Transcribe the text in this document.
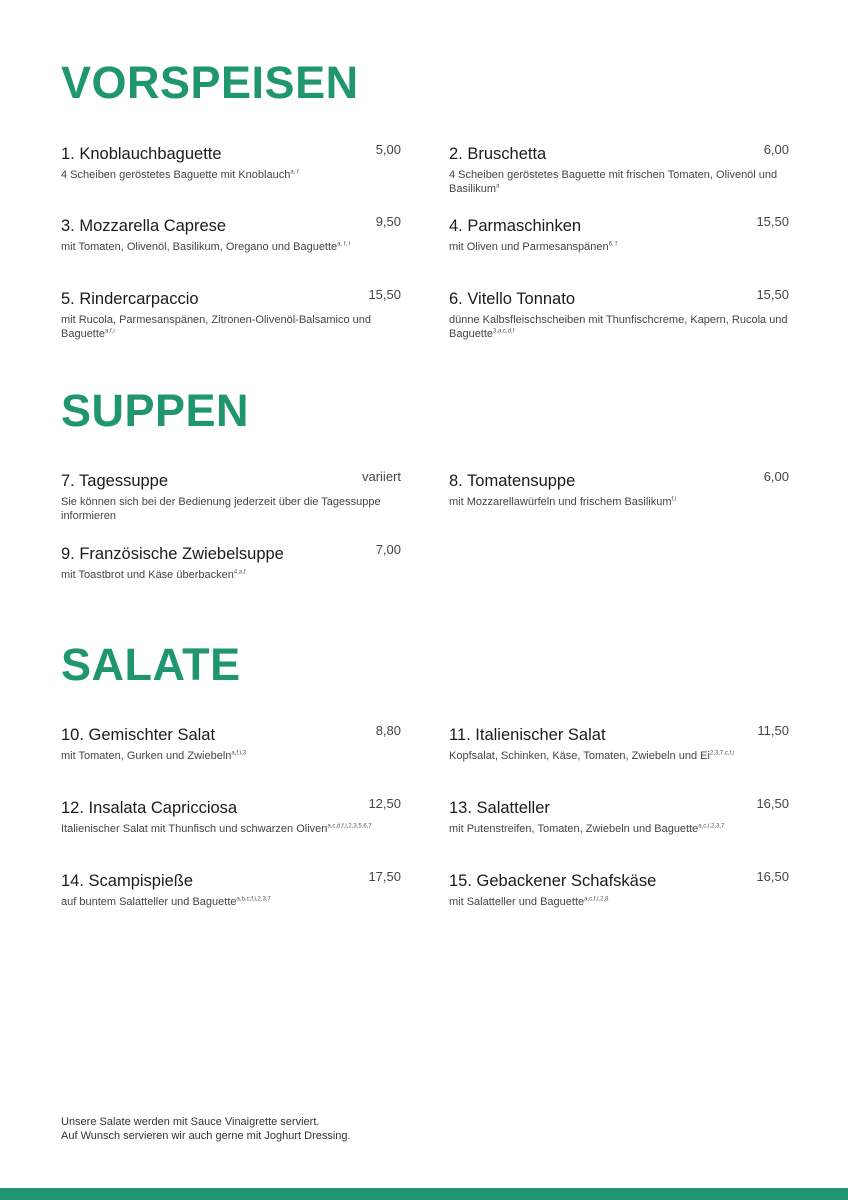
VORSPEISEN
1. Knoblauchbaguette	5,00
4 Scheiben geröstetes Baguette mit Knoblauch$^{a, f}$
2. Bruschetta	6,00
4 Scheiben geröstetes Baguette mit frischen Tomaten, Olivenöl und Basilikum$^a$
3. Mozzarella Caprese	9,50
mit Tomaten, Olivenöl, Basilikum, Oregano und Baguette$^{a, f, i}$
4. Parmaschinken	15,50
mit Oliven und Parmesanspänen$^{6, f}$
5. Rindercarpaccio	15,50
mit Rucola, Parmesanspänen, Zitronen-Olivenöl-Balsamico und Baguette$^{a,f,i}$
6. Vitello Tonnato	15,50
dünne Kalbsfleischscheiben mit Thunfischcreme, Kapern, Rucola und Baguette$^{3,a,c,d,f}$
SUPPEN
7. Tagessuppe	variiert
Sie können sich bei der Bedienung jederzeit über die Tagessuppe informieren
8. Tomatensuppe	6,00
mit Mozzarellawürfeln und frischem Basilikum$^{f,i}$
9. Französische Zwiebelsuppe	7,00
mit Toastbrot und Käse überbacken$^{4,a,f}$
SALATE
10. Gemischter Salat	8,80
mit Tomaten, Gurken und Zwiebeln$^{a,f,i,3}$
11. Italienischer Salat	11,50
Kopfsalat, Schinken, Käse, Tomaten, Zwiebeln und Ei$^{2,3,7,c,f,i}$
12. Insalata Capricciosa	12,50
Italienischer Salat mit Thunfisch und schwarzen Oliven$^{a,c,d,f,i,2,3,5,6,7}$
13. Salatteller	16,50
mit Putenstreifen, Tomaten, Zwiebeln und Baguette$^{a,c,i,2,3,7}$
14. Scampispieße	17,50
auf buntem Salatteller und Baguette$^{a,b,c,f,i,2,3,7}$
15. Gebackener Schafskäse	16,50
mit Salatteller und Baguette$^{a,c,f,i,2,8}$
Unsere Salate werden mit Sauce Vinaigrette serviert.
Auf Wunsch servieren wir auch gerne mit Joghurt Dressing.
